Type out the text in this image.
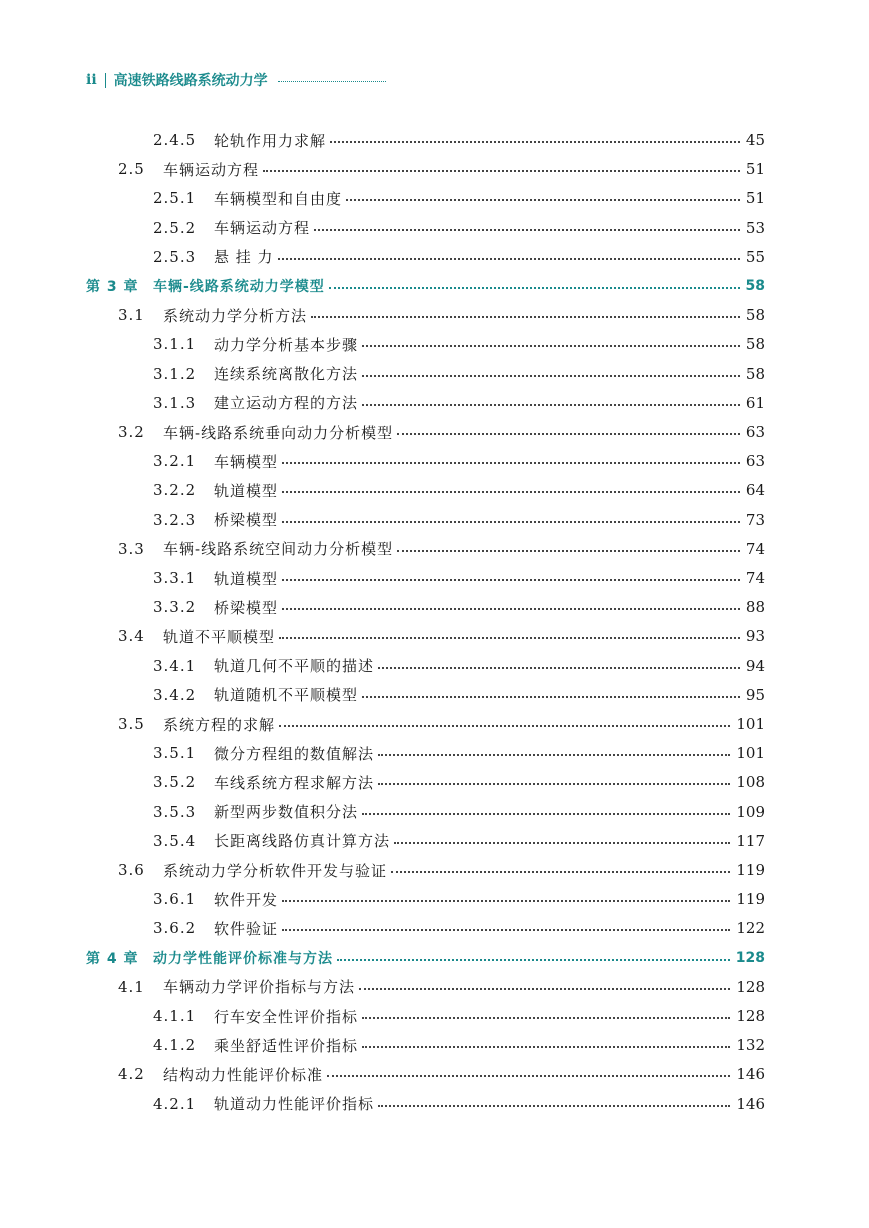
ii 高速铁路线路系统动力学
2.4.5 轮轨作用力求解	45
2.5 车辆运动方程	51
2.5.1 车辆模型和自由度	51
2.5.2 车辆运动方程	53
2.5.3 悬 挂 力	55
第 3 章 车辆-线路系统动力学模型	58
3.1 系统动力学分析方法	58
3.1.1 动力学分析基本步骤	58
3.1.2 连续系统离散化方法	58
3.1.3 建立运动方程的方法	61
3.2 车辆-线路系统垂向动力分析模型	63
3.2.1 车辆模型	63
3.2.2 轨道模型	64
3.2.3 桥梁模型	73
3.3 车辆-线路系统空间动力分析模型	74
3.3.1 轨道模型	74
3.3.2 桥梁模型	88
3.4 轨道不平顺模型	93
3.4.1 轨道几何不平顺的描述	94
3.4.2 轨道随机不平顺模型	95
3.5 系统方程的求解	101
3.5.1 微分方程组的数值解法	101
3.5.2 车线系统方程求解方法	108
3.5.3 新型两步数值积分法	109
3.5.4 长距离线路仿真计算方法	117
3.6 系统动力学分析软件开发与验证	119
3.6.1 软件开发	119
3.6.2 软件验证	122
第 4 章 动力学性能评价标准与方法	128
4.1 车辆动力学评价指标与方法	128
4.1.1 行车安全性评价指标	128
4.1.2 乘坐舒适性评价指标	132
4.2 结构动力性能评价标准	146
4.2.1 轨道动力性能评价指标	146
